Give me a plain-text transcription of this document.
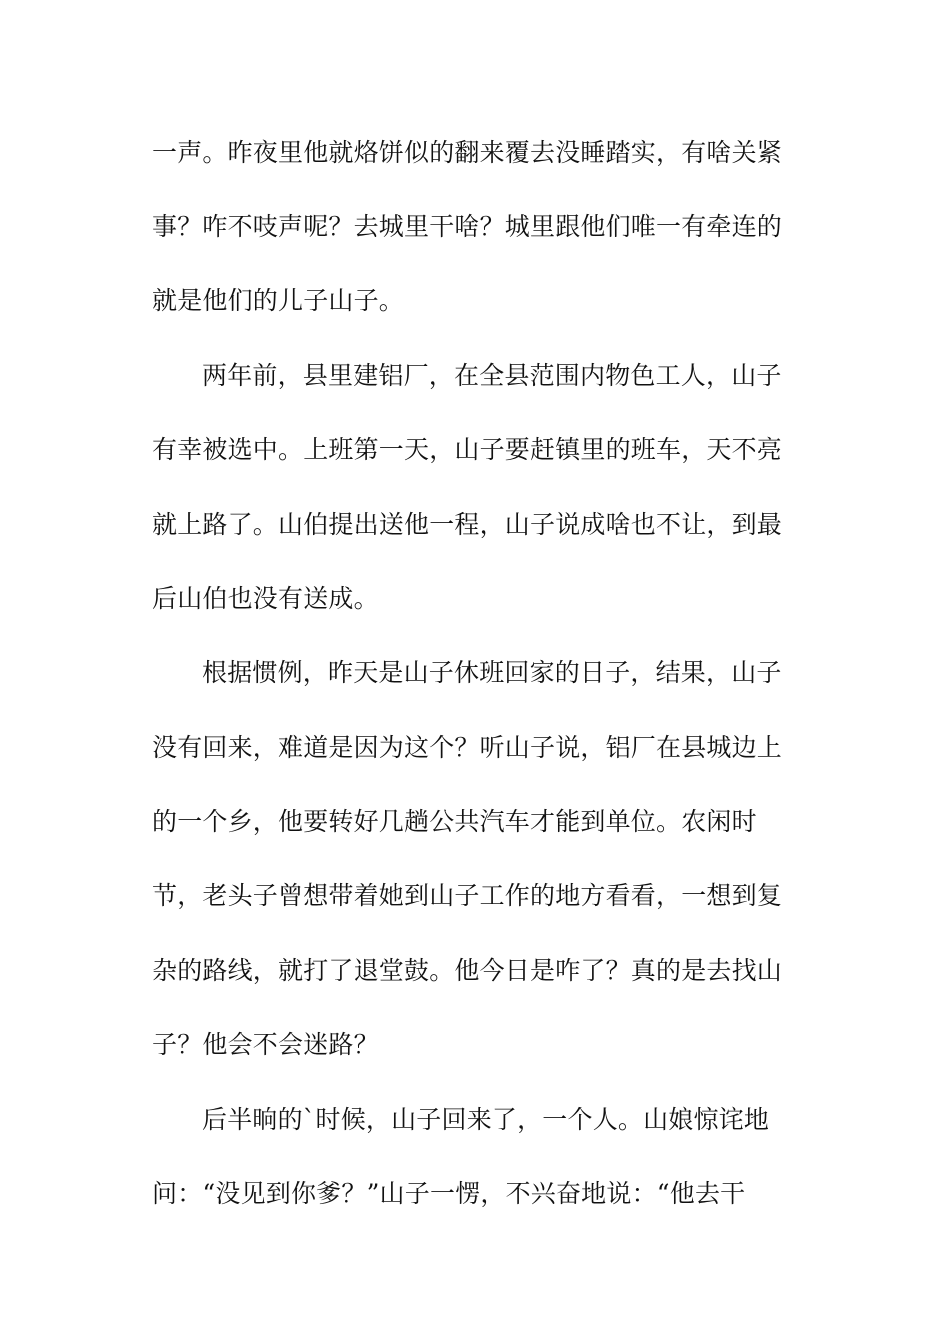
一声。昨夜里他就烙饼似的翻来覆去没睡踏实，有啥关紧
事？咋不吱声呢？去城里干啥？城里跟他们唯一有牵连的
就是他们的儿子山子。
两年前，县里建铝厂，在全县范围内物色工人，山子
有幸被选中。上班第一天，山子要赶镇里的班车，天不亮
就上路了。山伯提出送他一程，山子说成啥也不让，到最
后山伯也没有送成。
根据惯例，昨天是山子休班回家的日子，结果，山子
没有回来，难道是因为这个？听山子说，铝厂在县城边上
的一个乡，他要转好几趟公共汽车才能到单位。农闲时
节，老头子曾想带着她到山子工作的地方看看，一想到复
杂的路线，就打了退堂鼓。他今日是咋了？真的是去找山
子？他会不会迷路？
后半晌的`时候，山子回来了，一个人。山娘惊诧地
问：“没见到你爹？”山子一愣，不兴奋地说：“他去干
